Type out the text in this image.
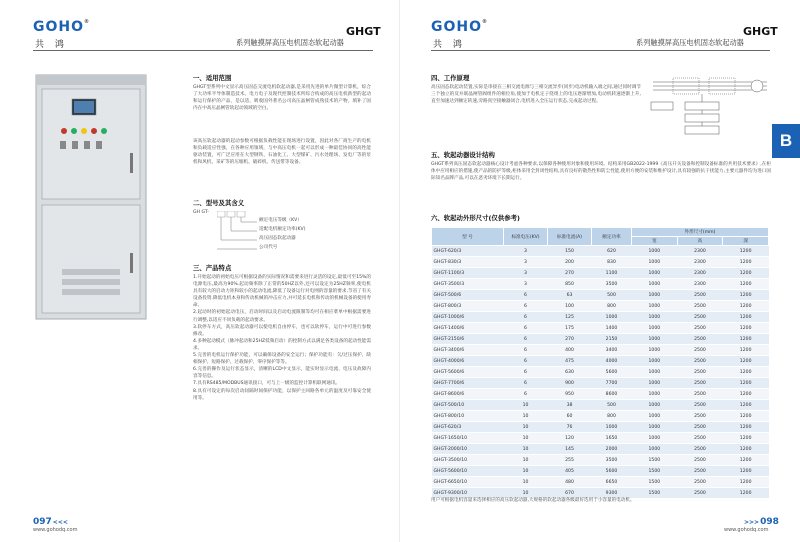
GOHO®
共 鸿
GHGT
系列触摸屏高压电机固态软起动器
一、适用范围
GHGT型系列中文显示高压固态交流电机软起动器,是采用先进的单片微型计算机，综合了大功率半导体制造技术、电力电子及现代控制技术所综合构成的高压电机新型的起动和运行保护的产品，是以适、吸收国外著名公司高压晶闸管成熟技术的产物，填补了国内在中高压晶闸管软起动领域的空白。
该高压软起动器的起动参数可根据负载性能在现场进行设置，因此对各厂商生产的电机和负载适应性强，在各种应用领域，与中高压电机一起可以形成一种最佳协同的高性能驱动装置，可广泛应用在大型钢铁、石油化工、大型煤矿、污水处理场、发电厂等的泵机和风机、采矿等的压缩机、破碎机、传送带等设备。
二、型号及其含义
GH GT-
额定电压等级（KV）
适配电机额定功率(KV)
高压固态软起动器
公司代号
三、产品特点
1.开始起动的初始电压可根据设备的实际情况和需要来进行灵活的设定,最低可至15%的电源电压,最高为90%.起动频率除了正常的50HZ以外,还可以设定为25HZ频率,使电机具有较大的启动力矩和较小的起动电流,降低了设备运行对电网的容量的要求,节省了有关设备投资.降低电机本身和传动机械的冲击应力,并可延长电机和传动的机械设备的使用寿命。
2.起动时的初始起动电压，启动时间以及启动电流限制等均可在相应菜单中根据需要进行调整,以适应不同负载的起动要求。
3.软停车方式，高压软起动器可以使电机自由停车，也可以软停车，运行中可进行参数修改。
4.多种起动模式（脉冲起动和25HZ低频启动）的控制方式以满足各类设备的起动性能需求。
5.完善的电机运行保护功能，可以确保设备的安全运行；保护功能有：欠/过压保护、缺相保护、短路保护、过载保护、零序保护等等。
6.完善的操作及运行状态显示，清晰的LCD中文显示，能实时显示电流、电压及故障内容等信息。
7.具有RS485/MODBUS通讯接口，可与上一级的监控计算机联网通讯。
8.具有可设定的每次启动间隔时间保护功能，以保护主回路各单元的温度及可靠安全使用等。
097<<<
www.gohodq.com
GOHO®
共 鸿
GHGT
系列触摸屏高压电机固态软起动器
四、工作原理
高压固态软起动装置,实际是串接在三相交流电源与三相交流异步(同步)电动机输入端之间,通过同时调节三个独立的反并联晶闸管阀组件的相位角,使加于电机定子绕组上的电压逐渐增加,电动机转速逐渐上升,直至加速达到额定转速,旁路真空接触器闭合,电机进入全压运行状态,完成起动过程。
五、软起动器设计结构
GHGT系列高压固态软起动器核心设计考虑各种要求,以保障各种使用对象和使用环境。结构采用GB2022-1999《高压开关设备和控制设备标准的共用技术要求》,在柜体中应用相应的措施,使产品的防护等级,柜体采用全封闭性结构,具有良好的散热性和防尘性能,使用方便的安装和维护设计,具有较强的抗干扰能力,主要元器件均为进口国际知名品牌产品,可以在恶劣环境下长期运行。
六、软起动外形尺寸(仅供参考)
>>>098
www.gohodq.com
B
型 号	标准电压(KV)	标准电流(A)	额定功率	外形尺寸(mm)		
				宽	高	深
GHGT-620/3	3	150	620	1000	2300	1200
GHGT-830/3	3	200	830	1000	2300	1200
GHGT-1100/3	3	270	1100	1000	2300	1200
GHGT-3500/3	3	850	3500	1000	2300	1200
GHGT-500/6	6	63	500	1000	2500	1200
GHGT-800/3	6	100	800	1000	2500	1200
GHGT-1000/6	6	125	1000	1000	2500	1200
GHGT-1400/6	6	175	1400	1000	2500	1200
GHGT-2150/6	6	270	2150	1000	2500	1200
GHGT-3400/6	6	400	3400	1000	2500	1200
GHGT-4000/6	6	475	4000	1000	2500	1200
GHGT-5600/6	6	630	5600	1000	2500	1200
GHGT-7700/6	6	900	7700	1000	2500	1200
GHGT-8600/6	6	950	8600	1000	2500	1200
GHGT-500/10	10	38	500	1000	2500	1200
GHGT-800/10	10	60	800	1000	2500	1200
GHGT-620/3	10	76	1000	1000	2500	1200
GHGT-1650/10	10	120	1650	1000	2500	1200
GHGT-2000/10	10	145	2000	1000	2500	1200
GHGT-3500/10	10	255	3500	1500	2500	1200
GHGT-5600/10	10	405	5600	1500	2500	1200
GHGT-6650/10	10	480	6650	1500	2500	1200
GHGT-9300/10	10	670	9300	1500	2500	1200
用户可根据电机容量来选择相应的高压软起动器,大规格的软起动器各级最好选用于小容量的电动机。
